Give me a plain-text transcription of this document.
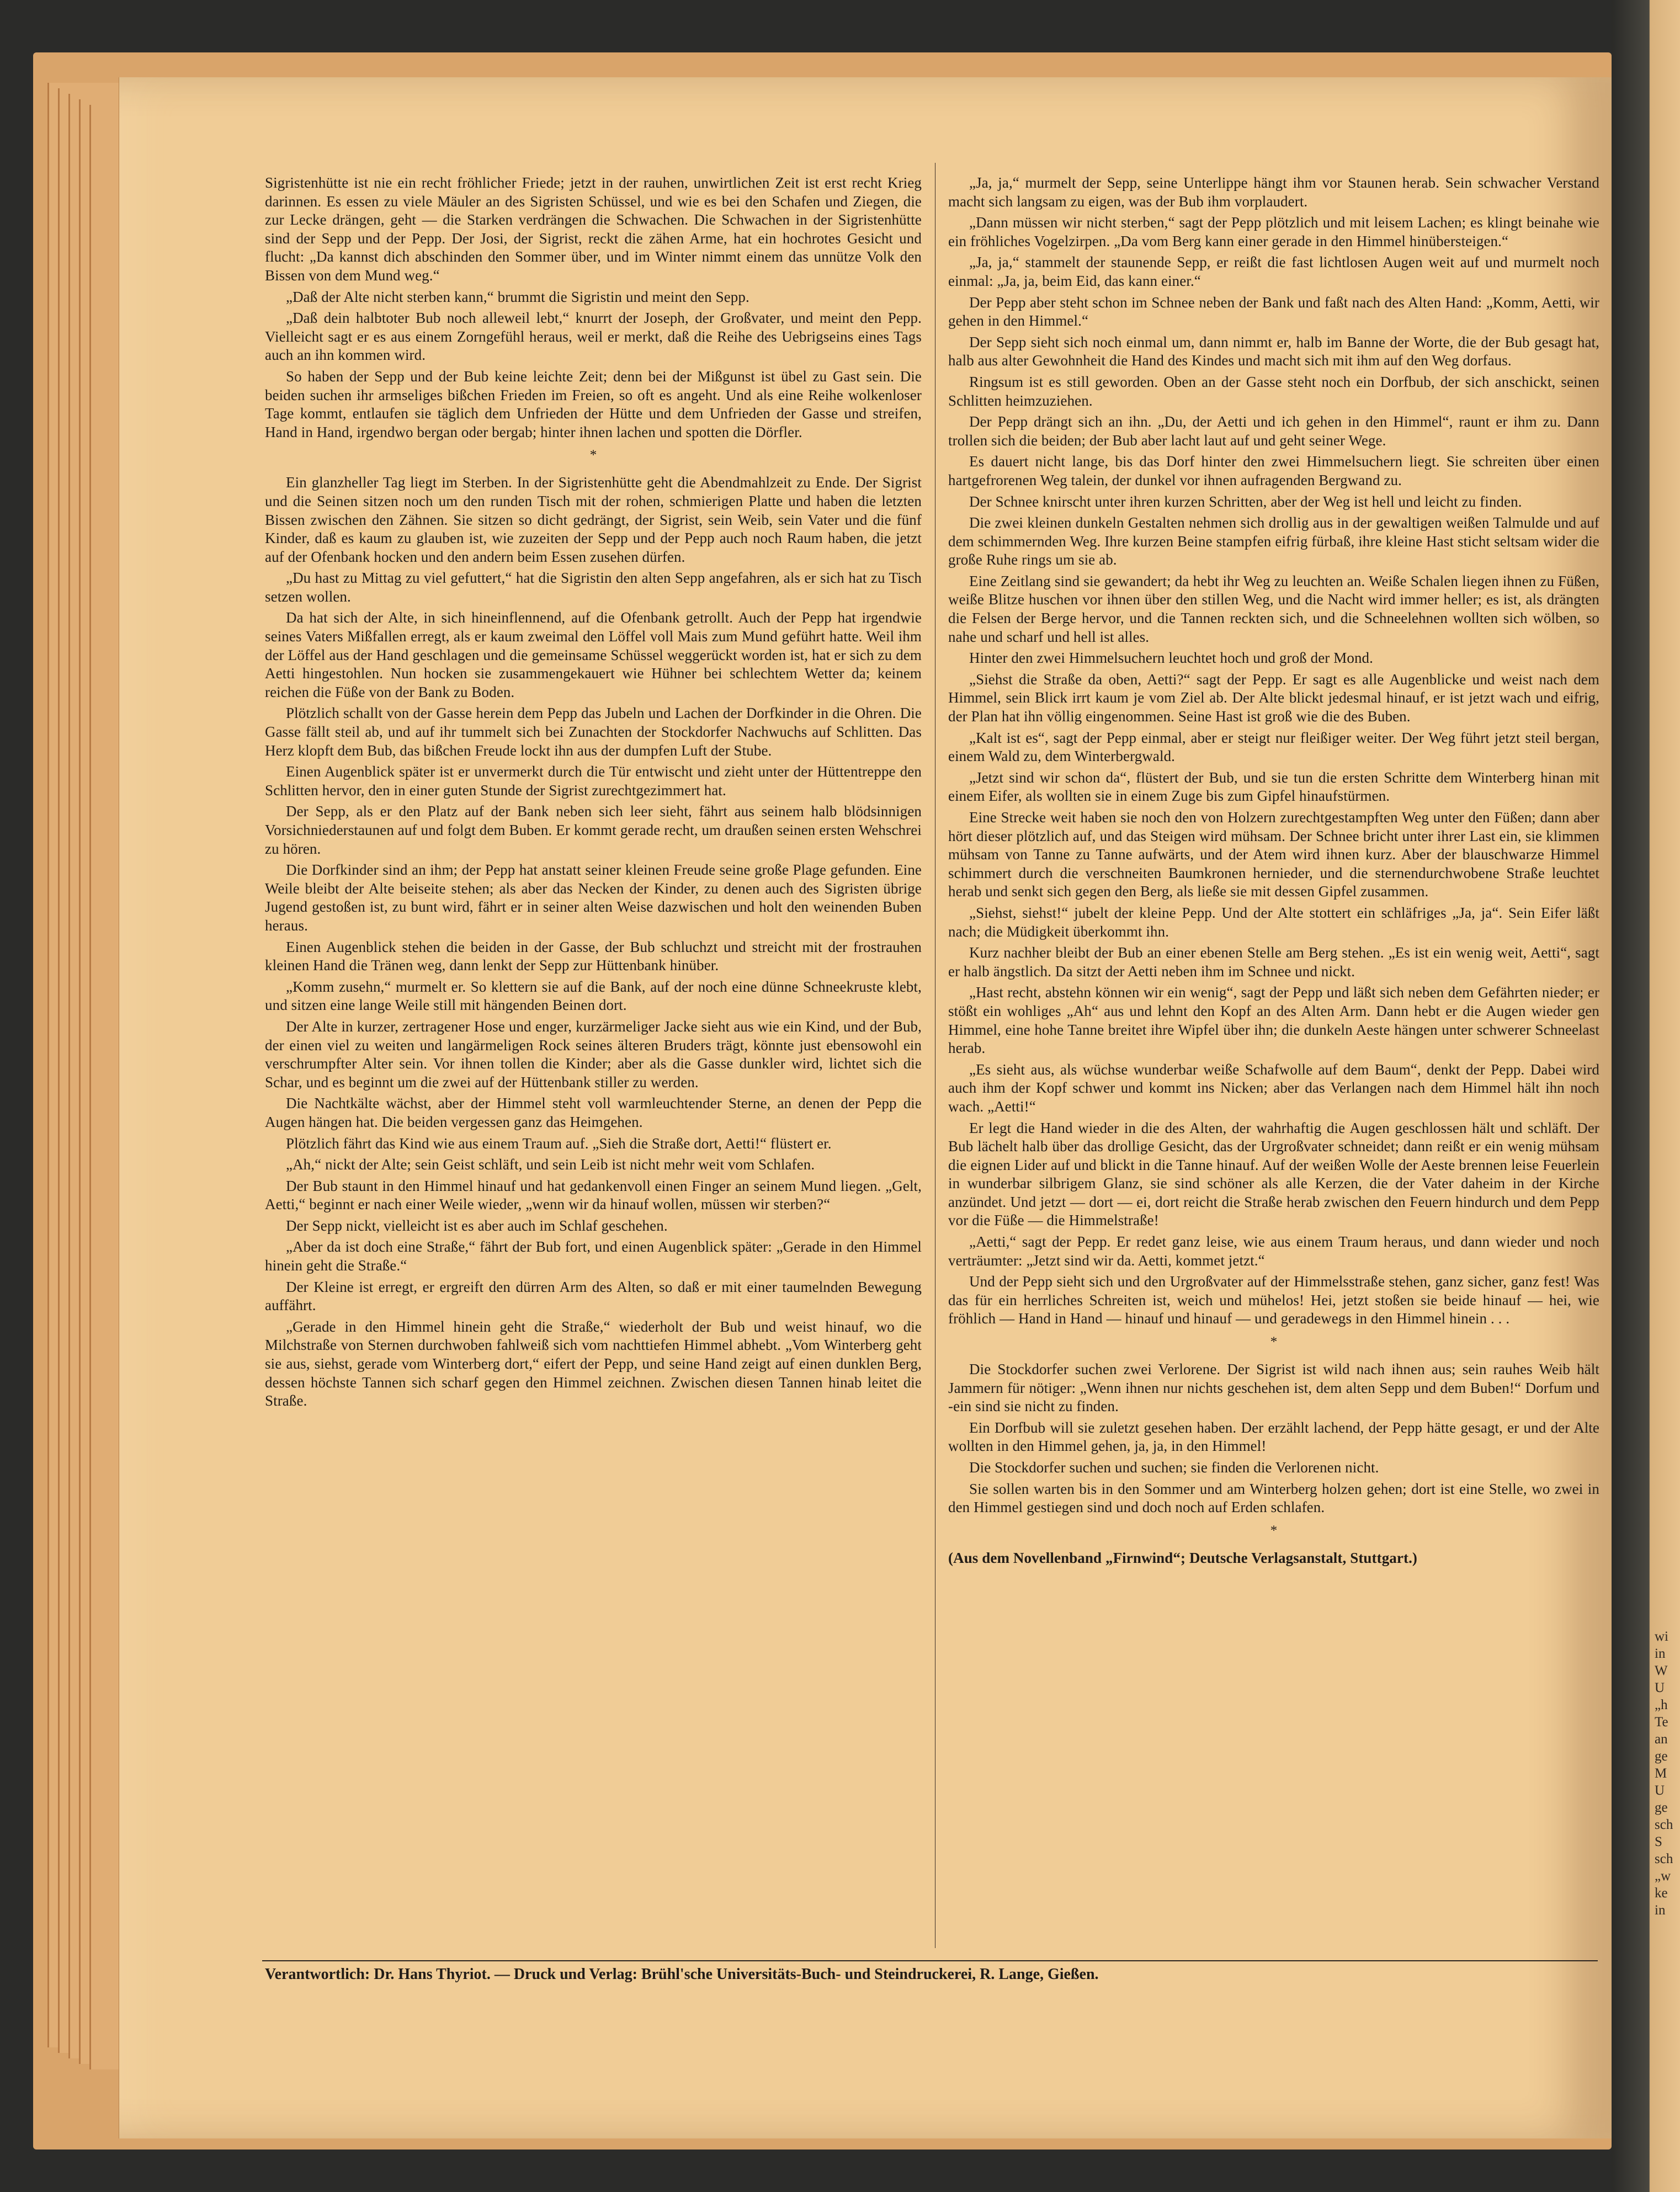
Sigristenhütte ist nie ein recht fröhlicher Friede; jetzt in der rauhen, unwirtlichen Zeit ist erst recht Krieg darinnen. Es essen zu viele Mäuler an des Sigristen Schüssel, und wie es bei den Schafen und Ziegen, die zur Lecke drängen, geht — die Starken verdrängen die Schwachen. Die Schwachen in der Sigristenhütte sind der Sepp und der Pepp. Der Josi, der Sigrist, reckt die zähen Arme, hat ein hochrotes Gesicht und flucht: „Da kannst dich abschinden den Sommer über, und im Winter nimmt einem das unnütze Volk den Bissen von dem Mund weg.“

„Daß der Alte nicht sterben kann,“ brummt die Sigristin und meint den Sepp.

„Daß dein halbtoter Bub noch alleweil lebt,“ knurrt der Joseph, der Großvater, und meint den Pepp. Vielleicht sagt er es aus einem Zorngefühl heraus, weil er merkt, daß die Reihe des Uebrigseins eines Tags auch an ihn kommen wird.

So haben der Sepp und der Bub keine leichte Zeit; denn bei der Mißgunst ist übel zu Gast sein. Die beiden suchen ihr armseliges bißchen Frieden im Freien, so oft es angeht. Und als eine Reihe wolkenloser Tage kommt, entlaufen sie täglich dem Unfrieden der Hütte und dem Unfrieden der Gasse und streifen, Hand in Hand, irgendwo bergan oder bergab; hinter ihnen lachen und spotten die Dörfler.

*

Ein glanzheller Tag liegt im Sterben. In der Sigristenhütte geht die Abendmahlzeit zu Ende. Der Sigrist und die Seinen sitzen noch um den runden Tisch mit der rohen, schmierigen Platte und haben die letzten Bissen zwischen den Zähnen. Sie sitzen so dicht gedrängt, der Sigrist, sein Weib, sein Vater und die fünf Kinder, daß es kaum zu glauben ist, wie zuzeiten der Sepp und der Pepp auch noch Raum haben, die jetzt auf der Ofenbank hocken und den andern beim Essen zusehen dürfen.

„Du hast zu Mittag zu viel gefuttert,“ hat die Sigristin den alten Sepp angefahren, als er sich hat zu Tisch setzen wollen.

Da hat sich der Alte, in sich hineinflennend, auf die Ofenbank getrollt. Auch der Pepp hat irgendwie seines Vaters Mißfallen erregt, als er kaum zweimal den Löffel voll Mais zum Mund geführt hatte. Weil ihm der Löffel aus der Hand geschlagen und die gemeinsame Schüssel weggerückt worden ist, hat er sich zu dem Aetti hingestohlen. Nun hocken sie zusammengekauert wie Hühner bei schlechtem Wetter da; keinem reichen die Füße von der Bank zu Boden.

Plötzlich schallt von der Gasse herein dem Pepp das Jubeln und Lachen der Dorfkinder in die Ohren. Die Gasse fällt steil ab, und auf ihr tummelt sich bei Zunachten der Stockdorfer Nachwuchs auf Schlitten. Das Herz klopft dem Bub, das bißchen Freude lockt ihn aus der dumpfen Luft der Stube.

Einen Augenblick später ist er unvermerkt durch die Tür entwischt und zieht unter der Hüttentreppe den Schlitten hervor, den in einer guten Stunde der Sigrist zurechtgezimmert hat.

Der Sepp, als er den Platz auf der Bank neben sich leer sieht, fährt aus seinem halb blödsinnigen Vorsichniederstaunen auf und folgt dem Buben. Er kommt gerade recht, um draußen seinen ersten Wehschrei zu hören.

Die Dorfkinder sind an ihm; der Pepp hat anstatt seiner kleinen Freude seine große Plage gefunden. Eine Weile bleibt der Alte beiseite stehen; als aber das Necken der Kinder, zu denen auch des Sigristen übrige Jugend gestoßen ist, zu bunt wird, fährt er in seiner alten Weise dazwischen und holt den weinenden Buben heraus.

Einen Augenblick stehen die beiden in der Gasse, der Bub schluchzt und streicht mit der frostrauhen kleinen Hand die Tränen weg, dann lenkt der Sepp zur Hüttenbank hinüber.

„Komm zusehn,“ murmelt er. So klettern sie auf die Bank, auf der noch eine dünne Schneekruste klebt, und sitzen eine lange Weile still mit hängenden Beinen dort.

Der Alte in kurzer, zertragener Hose und enger, kurzärmeliger Jacke sieht aus wie ein Kind, und der Bub, der einen viel zu weiten und langärmeligen Rock seines älteren Bruders trägt, könnte just ebensowohl ein verschrumpfter Alter sein. Vor ihnen tollen die Kinder; aber als die Gasse dunkler wird, lichtet sich die Schar, und es beginnt um die zwei auf der Hüttenbank stiller zu werden.

Die Nachtkälte wächst, aber der Himmel steht voll warmleuchtender Sterne, an denen der Pepp die Augen hängen hat. Die beiden vergessen ganz das Heimgehen.

Plötzlich fährt das Kind wie aus einem Traum auf. „Sieh die Straße dort, Aetti!“ flüstert er.

„Ah,“ nickt der Alte; sein Geist schläft, und sein Leib ist nicht mehr weit vom Schlafen.

Der Bub staunt in den Himmel hinauf und hat gedankenvoll einen Finger an seinem Mund liegen. „Gelt, Aetti,“ beginnt er nach einer Weile wieder, „wenn wir da hinauf wollen, müssen wir sterben?“

Der Sepp nickt, vielleicht ist es aber auch im Schlaf geschehen.

„Aber da ist doch eine Straße,“ fährt der Bub fort, und einen Augenblick später: „Gerade in den Himmel hinein geht die Straße.“

Der Kleine ist erregt, er ergreift den dürren Arm des Alten, so daß er mit einer taumelnden Bewegung auffährt.

„Gerade in den Himmel hinein geht die Straße,“ wiederholt der Bub und weist hinauf, wo die Milchstraße von Sternen durchwoben fahlweiß sich vom nachttiefen Himmel abhebt. „Vom Winterberg geht sie aus, siehst, gerade vom Winterberg dort,“ eifert der Pepp, und seine Hand zeigt auf einen dunklen Berg, dessen höchste Tannen sich scharf gegen den Himmel zeichnen. Zwischen diesen Tannen hinab leitet die Straße.

„Ja, ja,“ murmelt der Sepp, seine Unterlippe hängt ihm vor Staunen herab. Sein schwacher Verstand macht sich langsam zu eigen, was der Bub ihm vorplaudert.

„Dann müssen wir nicht sterben,“ sagt der Pepp plötzlich und mit leisem Lachen; es klingt beinahe wie ein fröhliches Vogelzirpen. „Da vom Berg kann einer gerade in den Himmel hinübersteigen.“

„Ja, ja,“ stammelt der staunende Sepp, er reißt die fast lichtlosen Augen weit auf und murmelt noch einmal: „Ja, ja, beim Eid, das kann einer.“

Der Pepp aber steht schon im Schnee neben der Bank und faßt nach des Alten Hand: „Komm, Aetti, wir gehen in den Himmel.“

Der Sepp sieht sich noch einmal um, dann nimmt er, halb im Banne der Worte, die der Bub gesagt hat, halb aus alter Gewohnheit die Hand des Kindes und macht sich mit ihm auf den Weg dorfaus.

Ringsum ist es still geworden. Oben an der Gasse steht noch ein Dorfbub, der sich anschickt, seinen Schlitten heimzuziehen.

Der Pepp drängt sich an ihn. „Du, der Aetti und ich gehen in den Himmel“, raunt er ihm zu. Dann trollen sich die beiden; der Bub aber lacht laut auf und geht seiner Wege.

Es dauert nicht lange, bis das Dorf hinter den zwei Himmelsuchern liegt. Sie schreiten über einen hartgefrorenen Weg talein, der dunkel vor ihnen aufragenden Bergwand zu.

Der Schnee knirscht unter ihren kurzen Schritten, aber der Weg ist hell und leicht zu finden.

Die zwei kleinen dunkeln Gestalten nehmen sich drollig aus in der gewaltigen weißen Talmulde und auf dem schimmernden Weg. Ihre kurzen Beine stampfen eifrig fürbaß, ihre kleine Hast sticht seltsam wider die große Ruhe rings um sie ab.

Eine Zeitlang sind sie gewandert; da hebt ihr Weg zu leuchten an. Weiße Schalen liegen ihnen zu Füßen, weiße Blitze huschen vor ihnen über den stillen Weg, und die Nacht wird immer heller; es ist, als drängten die Felsen der Berge hervor, und die Tannen reckten sich, und die Schneelehnen wollten sich wölben, so nahe und scharf und hell ist alles.

Hinter den zwei Himmelsuchern leuchtet hoch und groß der Mond.

„Siehst die Straße da oben, Aetti?“ sagt der Pepp. Er sagt es alle Augenblicke und weist nach dem Himmel, sein Blick irrt kaum je vom Ziel ab. Der Alte blickt jedesmal hinauf, er ist jetzt wach und eifrig, der Plan hat ihn völlig eingenommen. Seine Hast ist groß wie die des Buben.

„Kalt ist es“, sagt der Pepp einmal, aber er steigt nur fleißiger weiter. Der Weg führt jetzt steil bergan, einem Wald zu, dem Winterbergwald.

„Jetzt sind wir schon da“, flüstert der Bub, und sie tun die ersten Schritte dem Winterberg hinan mit einem Eifer, als wollten sie in einem Zuge bis zum Gipfel hinaufstürmen.

Eine Strecke weit haben sie noch den von Holzern zurechtgestampften Weg unter den Füßen; dann aber hört dieser plötzlich auf, und das Steigen wird mühsam. Der Schnee bricht unter ihrer Last ein, sie klimmen mühsam von Tanne zu Tanne aufwärts, und der Atem wird ihnen kurz. Aber der blauschwarze Himmel schimmert durch die verschneiten Baumkronen hernieder, und die sternendurchwobene Straße leuchtet herab und senkt sich gegen den Berg, als ließe sie mit dessen Gipfel zusammen.

„Siehst, siehst!“ jubelt der kleine Pepp. Und der Alte stottert ein schläfriges „Ja, ja“. Sein Eifer läßt nach; die Müdigkeit überkommt ihn.

Kurz nachher bleibt der Bub an einer ebenen Stelle am Berg stehen. „Es ist ein wenig weit, Aetti“, sagt er halb ängstlich. Da sitzt der Aetti neben ihm im Schnee und nickt.

„Hast recht, abstehn können wir ein wenig“, sagt der Pepp und läßt sich neben dem Gefährten nieder; er stößt ein wohliges „Ah“ aus und lehnt den Kopf an des Alten Arm. Dann hebt er die Augen wieder gen Himmel, eine hohe Tanne breitet ihre Wipfel über ihn; die dunkeln Aeste hängen unter schwerer Schneelast herab.

„Es sieht aus, als wüchse wunderbar weiße Schafwolle auf dem Baum“, denkt der Pepp. Dabei wird auch ihm der Kopf schwer und kommt ins Nicken; aber das Verlangen nach dem Himmel hält ihn noch wach. „Aetti!“

Er legt die Hand wieder in die des Alten, der wahrhaftig die Augen geschlossen hält und schläft. Der Bub lächelt halb über das drollige Gesicht, das der Urgroßvater schneidet; dann reißt er ein wenig mühsam die eignen Lider auf und blickt in die Tanne hinauf. Auf der weißen Wolle der Aeste brennen leise Feuerlein in wunderbar silbrigem Glanz, sie sind schöner als alle Kerzen, die der Vater daheim in der Kirche anzündet. Und jetzt — dort — ei, dort reicht die Straße herab zwischen den Feuern hindurch und dem Pepp vor die Füße — die Himmelstraße!

„Aetti,“ sagt der Pepp. Er redet ganz leise, wie aus einem Traum heraus, und dann wieder und noch verträumter: „Jetzt sind wir da. Aetti, kommet jetzt.“

Und der Pepp sieht sich und den Urgroßvater auf der Himmelsstraße stehen, ganz sicher, ganz fest! Was das für ein herrliches Schreiten ist, weich und mühelos! Hei, jetzt stoßen sie beide hinauf — hei, wie fröhlich — Hand in Hand — hinauf und hinauf — und geradewegs in den Himmel hinein . . .

*

Die Stockdorfer suchen zwei Verlorene. Der Sigrist ist wild nach ihnen aus; sein rauhes Weib hält Jammern für nötiger: „Wenn ihnen nur nichts geschehen ist, dem alten Sepp und dem Buben!“ Dorfum und -ein sind sie nicht zu finden.

Ein Dorfbub will sie zuletzt gesehen haben. Der erzählt lachend, der Pepp hätte gesagt, er und der Alte wollten in den Himmel gehen, ja, ja, in den Himmel!

Die Stockdorfer suchen und suchen; sie finden die Verlorenen nicht.

Sie sollen warten bis in den Sommer und am Winterberg holzen gehen; dort ist eine Stelle, wo zwei in den Himmel gestiegen sind und doch noch auf Erden schlafen.

*

(Aus dem Novellenband „Firnwind“; Deutsche Verlagsanstalt, Stuttgart.)

Verantwortlich: Dr. Hans Thyriot. — Druck und Verlag: Brühl'sche Universitäts-Buch- und Steindruckerei, R. Lange, Gießen.
wi
in
W
U
„h
Te
an
ge
M
U
ge
sch
S
sch
„w
ke
in
